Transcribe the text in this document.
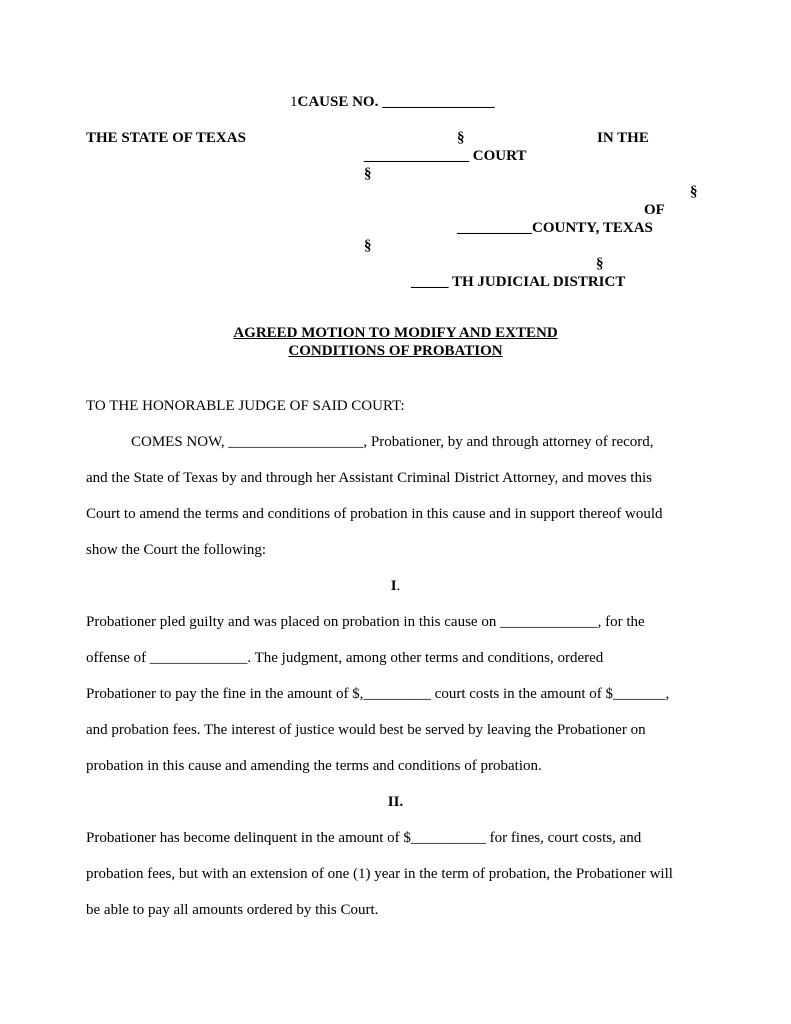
1CAUSE NO. _______________
THE STATE OF TEXAS	§	IN THE
______________ COURT
§
§
OF
__________COUNTY, TEXAS
§
§
_____ TH JUDICIAL DISTRICT
AGREED MOTION TO MODIFY AND EXTEND
CONDITIONS OF PROBATION
TO THE HONORABLE JUDGE OF SAID COURT:
COMES NOW, __________________, Probationer, by and through attorney of record,
and the State of Texas by and through her Assistant Criminal District Attorney, and moves this
Court to amend the terms and conditions of probation in this cause and in support thereof would
show the Court the following:
I.
Probationer pled guilty and was placed on probation in this cause on _____________, for the
offense of _____________. The judgment, among other terms and conditions, ordered
Probationer to pay the fine in the amount of $,_________ court costs in the amount of $_______,
and probation fees. The interest of justice would best be served by leaving the Probationer on
probation in this cause and amending the terms and conditions of probation.
II.
Probationer has become delinquent in the amount of $__________ for fines, court costs, and
probation fees, but with an extension of one (1) year in the term of probation, the Probationer will
be able to pay all amounts ordered by this Court.
